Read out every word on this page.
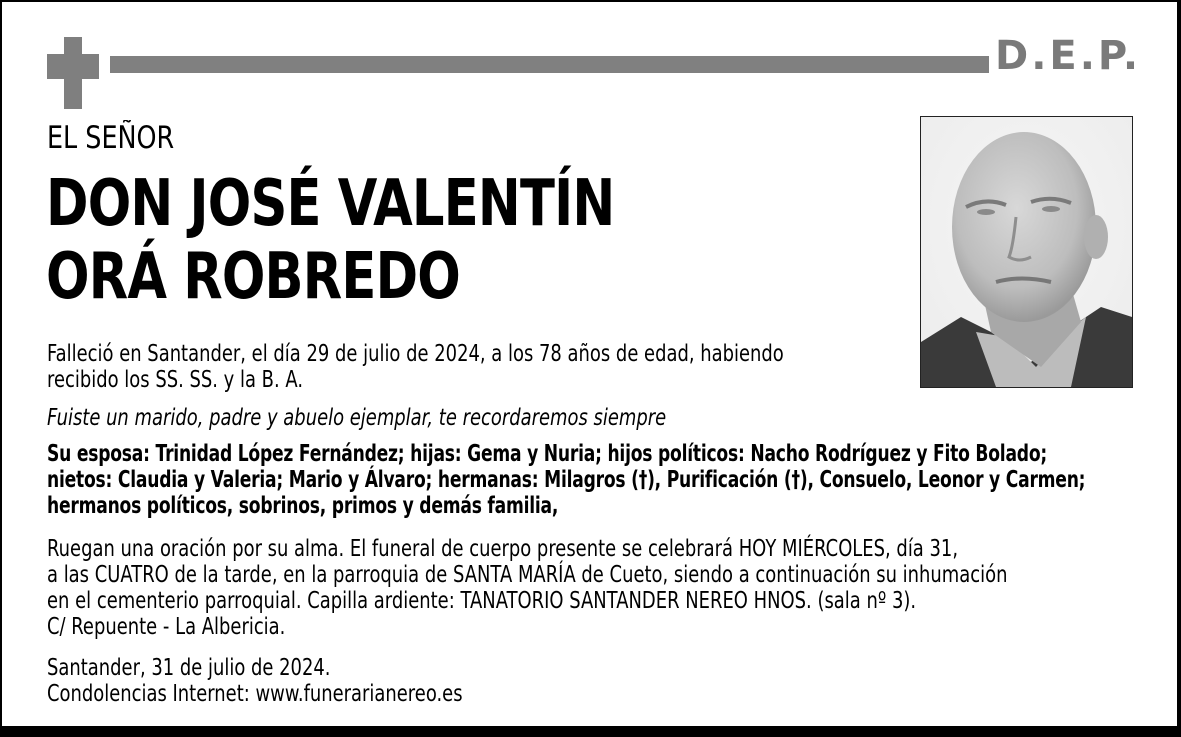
D.E.P.
EL SEÑOR
DON JOSÉ VALENTÍN
ORÁ ROBREDO
Falleció en Santander, el día 29 de julio de 2024, a los 78 años de edad, habiendo
recibido los SS. SS. y la B. A.
Fuiste un marido, padre y abuelo ejemplar, te recordaremos siempre
Su esposa: Trinidad López Fernández; hijas: Gema y Nuria; hijos políticos: Nacho Rodríguez y Fito Bolado;
nietos: Claudia y Valeria; Mario y Álvaro; hermanas: Milagros (†), Purificación (†), Consuelo, Leonor y Carmen;
hermanos políticos, sobrinos, primos y demás familia,
Ruegan una oración por su alma. El funeral de cuerpo presente se celebrará HOY MIÉRCOLES, día 31,
a las CUATRO de la tarde, en la parroquia de SANTA MARÍA de Cueto, siendo a continuación su inhumación
en el cementerio parroquial. Capilla ardiente: TANATORIO SANTANDER NEREO HNOS. (sala nº 3).
C/ Repuente - La Albericia.
Santander, 31 de julio de 2024.
Condolencias Internet: www.funerarianereo.es
